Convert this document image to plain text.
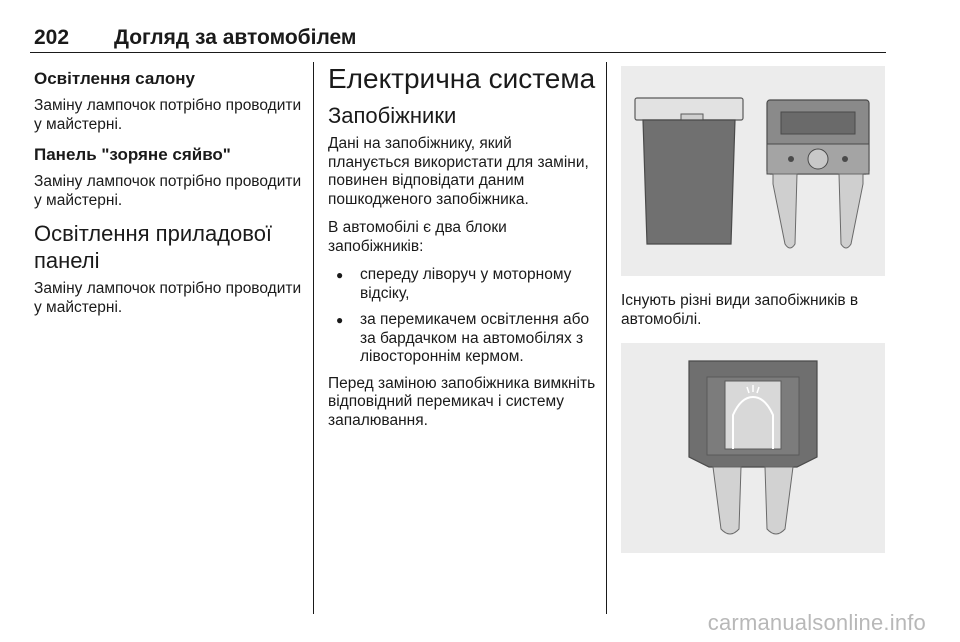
202 Догляд за автомобілем
Освітлення салону

Заміну лампочок потрібно проводити у майстерні.

Панель "зоряне сяйво"

Заміну лампочок потрібно проводити у майстерні.

Освітлення приладової панелі

Заміну лампочок потрібно проводити у майстерні.

Електрична система
Запобіжники

Дані на запобіжнику, який планується використати для заміни, повинен відповідати даним пошкодженого запобіжника.

В автомобілі є два блоки запобіжників:

● спереду ліворуч у моторному відсіку,
● за перемикачем освітлення або за бардачком на автомобілях з лівостороннім кермом.

Перед заміною запобіжника вимкніть відповідний перемикач і систему запалювання.

Існують різні види запобіжників в автомобілі.

carmanualsonline.info
